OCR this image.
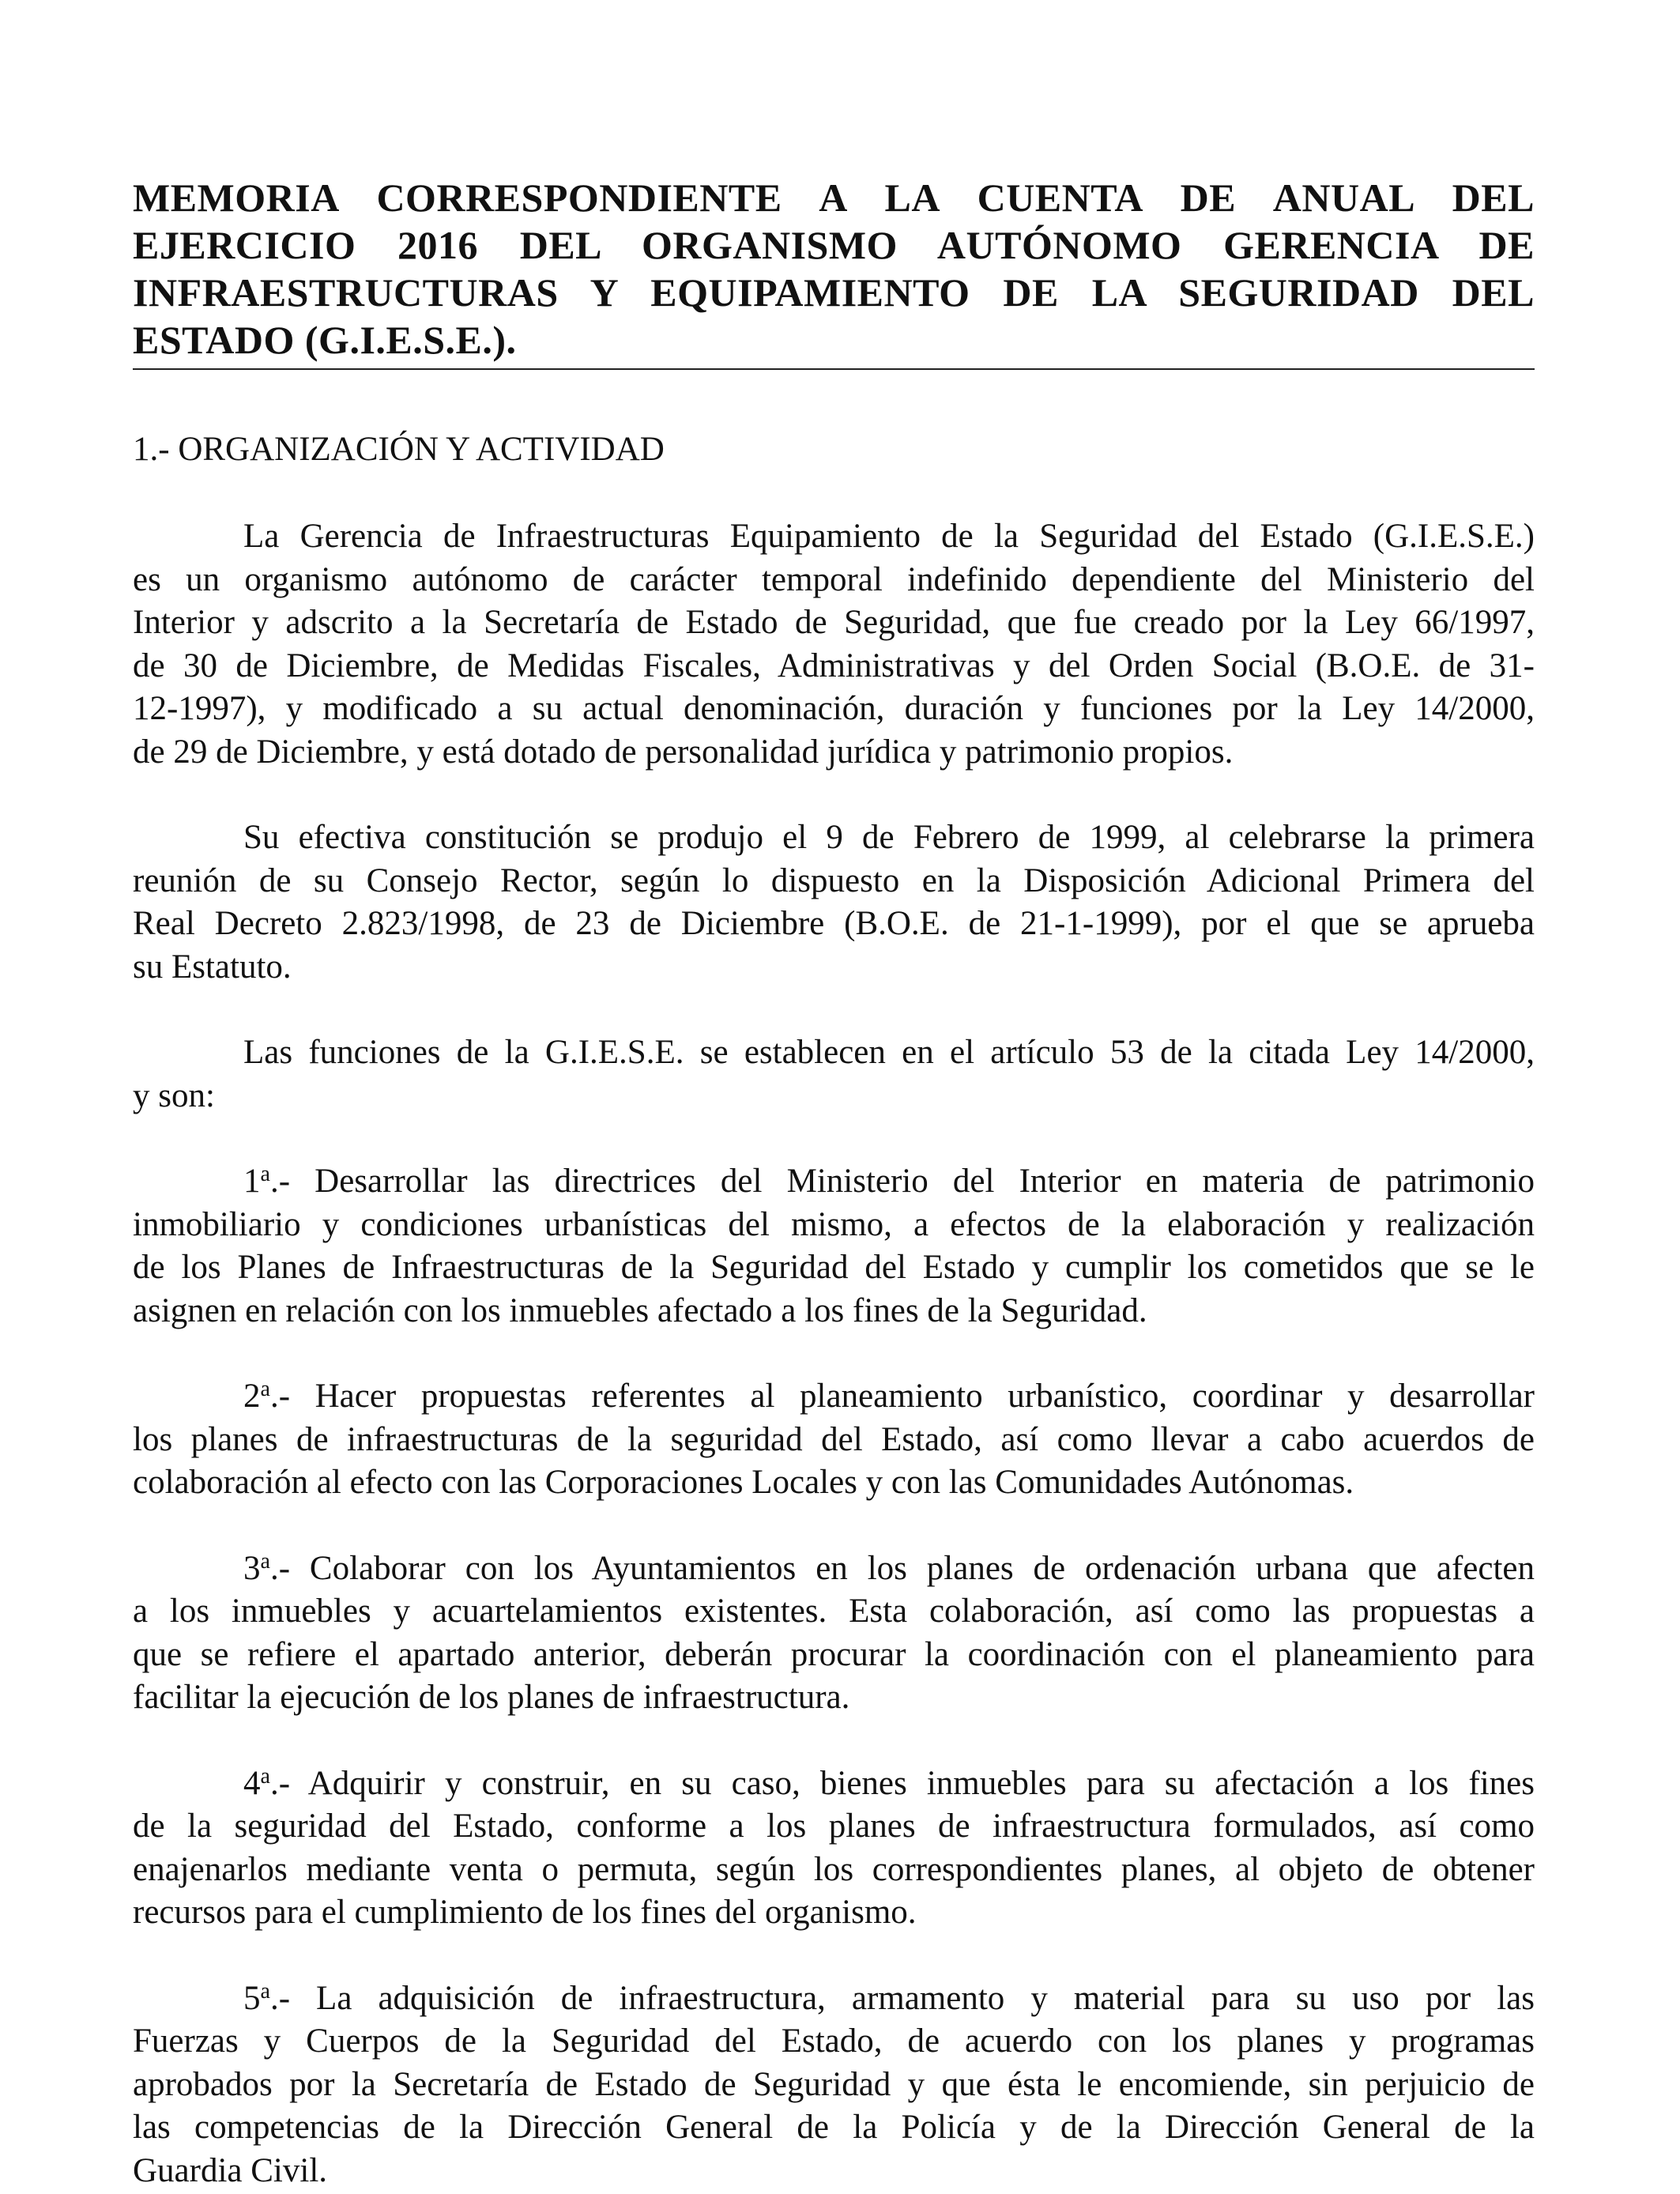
MEMORIA CORRESPONDIENTE A LA CUENTA DE ANUAL DEL
EJERCICIO 2016 DEL ORGANISMO AUTÓNOMO GERENCIA DE
INFRAESTRUCTURAS Y EQUIPAMIENTO DE LA SEGURIDAD DEL
ESTADO (G.I.E.S.E.).
1.- ORGANIZACIÓN Y ACTIVIDAD

La Gerencia de Infraestructuras Equipamiento de la Seguridad del Estado (G.I.E.S.E.)
es un organismo autónomo de carácter temporal indefinido dependiente del Ministerio del
Interior y adscrito a la Secretaría de Estado de Seguridad, que fue creado por la Ley 66/1997,
de 30 de Diciembre, de Medidas Fiscales, Administrativas y del Orden Social (B.O.E. de 31-
12-1997), y modificado a su actual denominación, duración y funciones por la Ley 14/2000,
de 29 de Diciembre, y está dotado de personalidad jurídica y patrimonio propios.

Su efectiva constitución se produjo el 9 de Febrero de 1999, al celebrarse la primera
reunión de su Consejo Rector, según lo dispuesto en la Disposición Adicional Primera del
Real Decreto 2.823/1998, de 23 de Diciembre (B.O.E. de 21-1-1999), por el que se aprueba
su Estatuto.

Las funciones de la G.I.E.S.E. se establecen en el artículo 53 de la citada Ley 14/2000,
y son:

1$^a$.- Desarrollar las directrices del Ministerio del Interior en materia de patrimonio
inmobiliario y condiciones urbanísticas del mismo, a efectos de la elaboración y realización
de los Planes de Infraestructuras de la Seguridad del Estado y cumplir los cometidos que se le
asignen en relación con los inmuebles afectado a los fines de la Seguridad.

2$^a$.- Hacer propuestas referentes al planeamiento urbanístico, coordinar y desarrollar
los planes de infraestructuras de la seguridad del Estado, así como llevar a cabo acuerdos de
colaboración al efecto con las Corporaciones Locales y con las Comunidades Autónomas.

3$^a$.- Colaborar con los Ayuntamientos en los planes de ordenación urbana que afecten
a los inmuebles y acuartelamientos existentes. Esta colaboración, así como las propuestas a
que se refiere el apartado anterior, deberán procurar la coordinación con el planeamiento para
facilitar la ejecución de los planes de infraestructura.

4$^a$.- Adquirir y construir, en su caso, bienes inmuebles para su afectación a los fines
de la seguridad del Estado, conforme a los planes de infraestructura formulados, así como
enajenarlos mediante venta o permuta, según los correspondientes planes, al objeto de obtener
recursos para el cumplimiento de los fines del organismo.

5$^a$.- La adquisición de infraestructura, armamento y material para su uso por las
Fuerzas y Cuerpos de la Seguridad del Estado, de acuerdo con los planes y programas
aprobados por la Secretaría de Estado de Seguridad y que ésta le encomiende, sin perjuicio de
las competencias de la Dirección General de la Policía y de la Dirección General de la
Guardia Civil.
